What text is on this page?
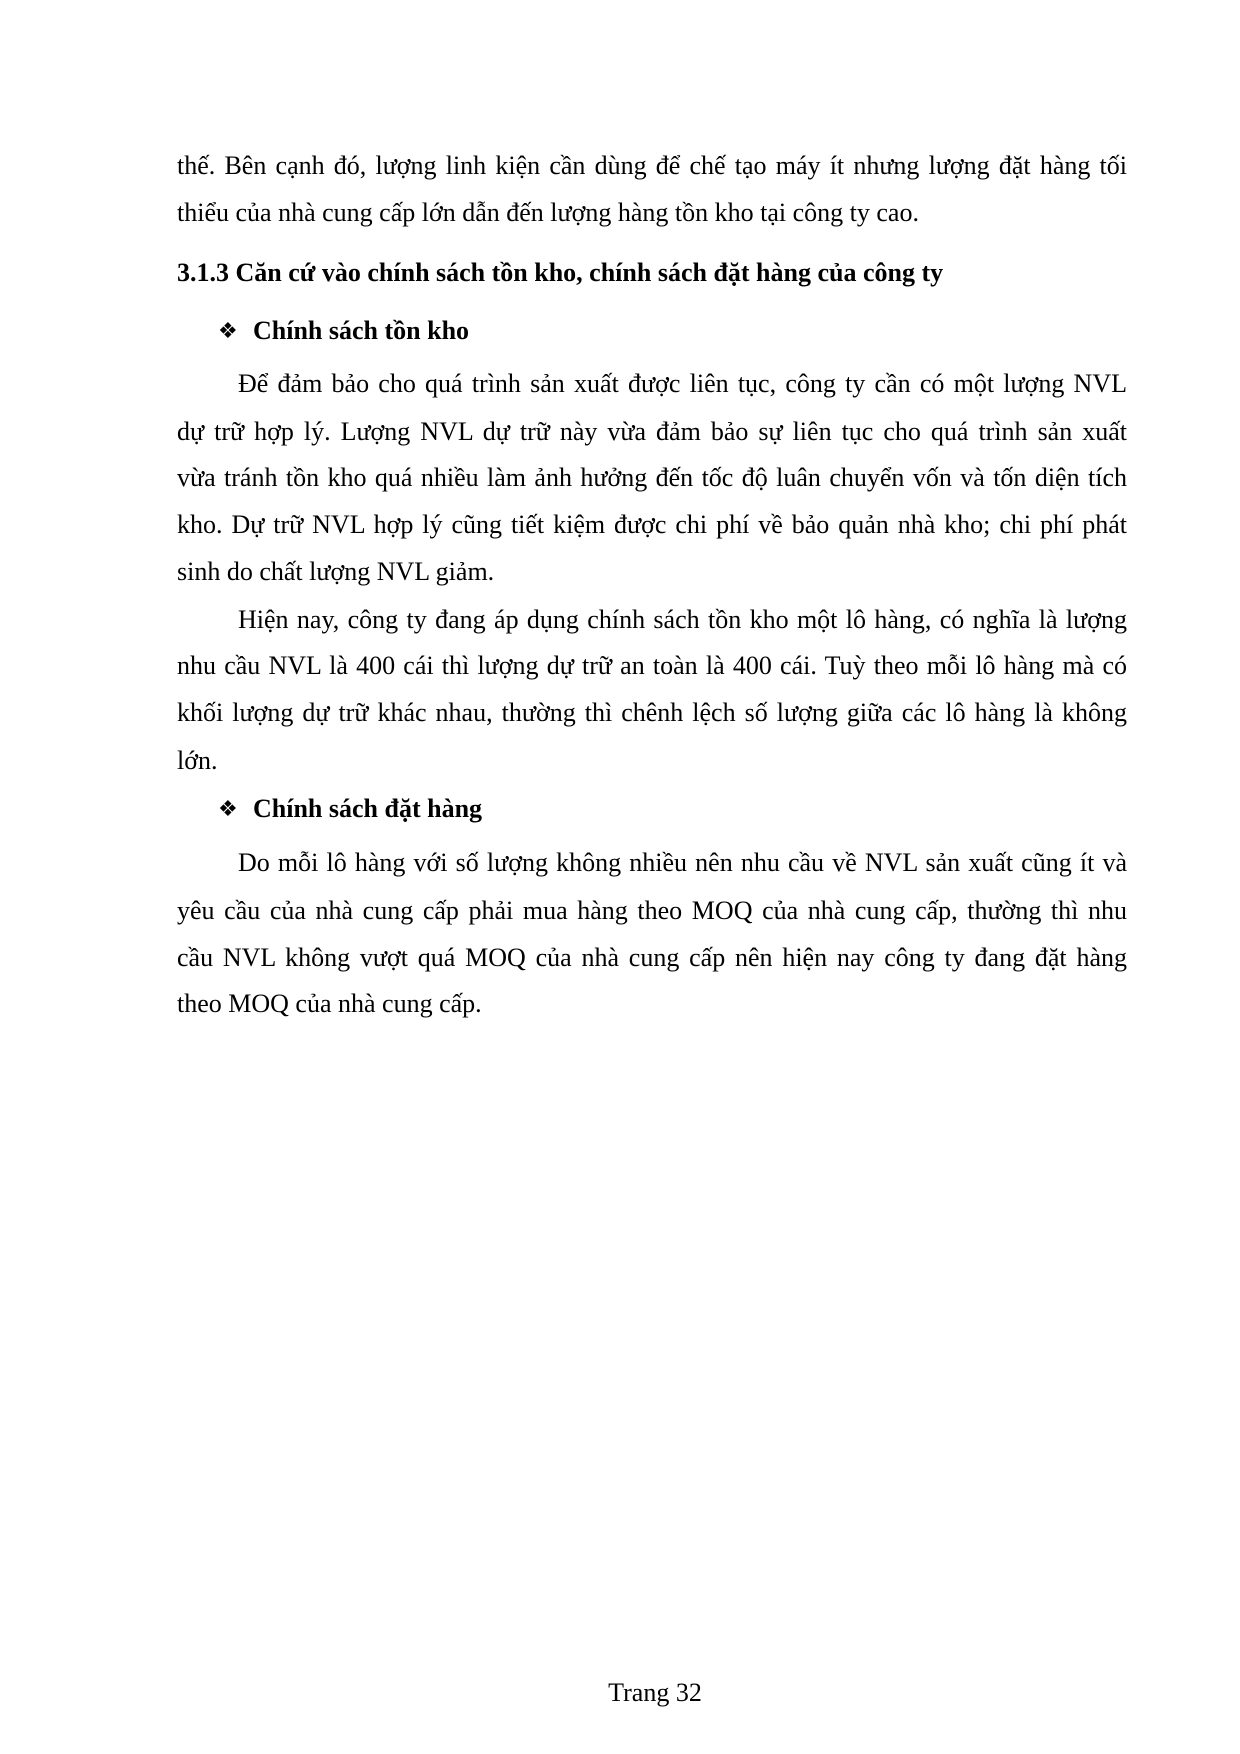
thế. Bên cạnh đó, lượng linh kiện cần dùng để chế tạo máy ít nhưng lượng đặt hàng tối
thiểu của nhà cung cấp lớn dẫn đến lượng hàng tồn kho tại công ty cao.
3.1.3 Căn cứ vào chính sách tồn kho, chính sách đặt hàng của công ty
❖ Chính sách tồn kho
Để đảm bảo cho quá trình sản xuất được liên tục, công ty cần có một lượng NVL
dự trữ hợp lý. Lượng NVL dự trữ này vừa đảm bảo sự liên tục cho quá trình sản xuất
vừa tránh tồn kho quá nhiều làm ảnh hưởng đến tốc độ luân chuyển vốn và tốn diện tích
kho. Dự trữ NVL hợp lý cũng tiết kiệm được chi phí về bảo quản nhà kho; chi phí phát
sinh do chất lượng NVL giảm.
Hiện nay, công ty đang áp dụng chính sách tồn kho một lô hàng, có nghĩa là lượng
nhu cầu NVL là 400 cái thì lượng dự trữ an toàn là 400 cái. Tuỳ theo mỗi lô hàng mà có
khối lượng dự trữ khác nhau, thường thì chênh lệch số lượng giữa các lô hàng là không
lớn.
❖ Chính sách đặt hàng
Do mỗi lô hàng với số lượng không nhiều nên nhu cầu về NVL sản xuất cũng ít và
yêu cầu của nhà cung cấp phải mua hàng theo MOQ của nhà cung cấp, thường thì nhu
cầu NVL không vượt quá MOQ của nhà cung cấp nên hiện nay công ty đang đặt hàng
theo MOQ của nhà cung cấp.
Trang 32
